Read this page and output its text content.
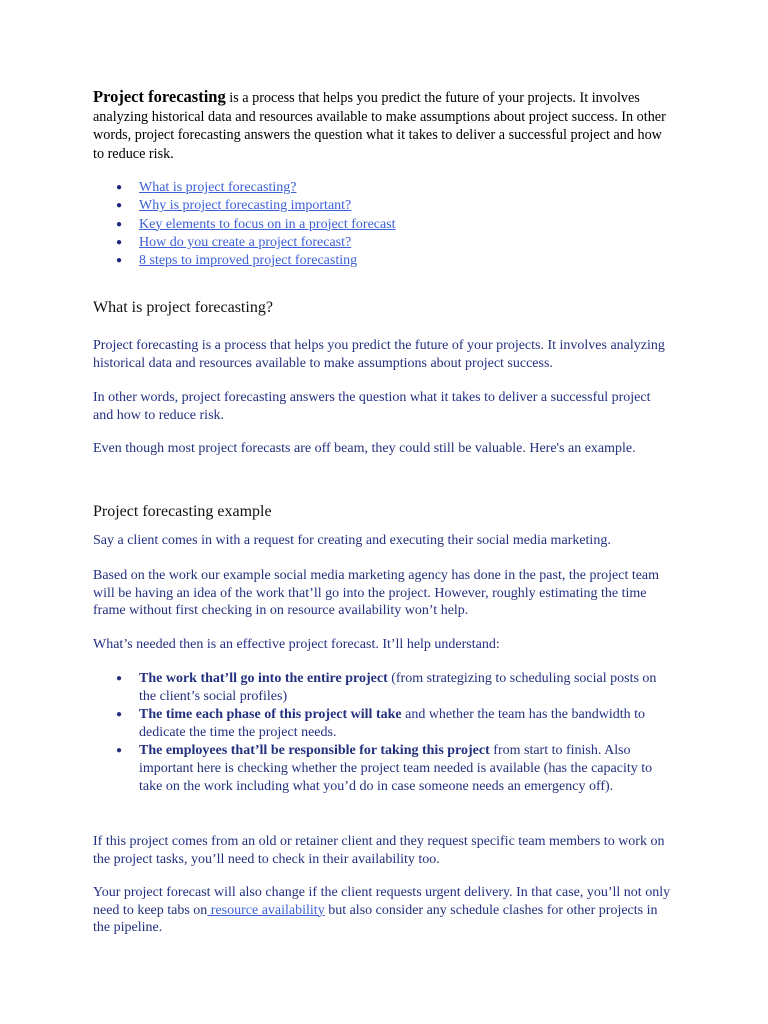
Project forecasting is a process that helps you predict the future of your projects. It involves analyzing historical data and resources available to make assumptions about project success. In other words, project forecasting answers the question what it takes to deliver a successful project and how to reduce risk.

● What is project forecasting?
● Why is project forecasting important?
● Key elements to focus on in a project forecast
● How do you create a project forecast?
● 8 steps to improved project forecasting
What is project forecasting?

Project forecasting is a process that helps you predict the future of your projects. It involves analyzing historical data and resources available to make assumptions about project success.

In other words, project forecasting answers the question what it takes to deliver a successful project and how to reduce risk.

Even though most project forecasts are off beam, they could still be valuable. Here's an example.

Project forecasting example

Say a client comes in with a request for creating and executing their social media marketing.

Based on the work our example social media marketing agency has done in the past, the project team will be having an idea of the work that’ll go into the project. However, roughly estimating the time frame without first checking in on resource availability won’t help.

What’s needed then is an effective project forecast. It’ll help understand:

● The work that’ll go into the entire project (from strategizing to scheduling social posts on the client’s social profiles)
● The time each phase of this project will take and whether the team has the bandwidth to dedicate the time the project needs.
● The employees that’ll be responsible for taking this project from start to finish. Also important here is checking whether the project team needed is available (has the capacity to take on the work including what you’d do in case someone needs an emergency off).

If this project comes from an old or retainer client and they request specific team members to work on the project tasks, you’ll need to check in their availability too.

Your project forecast will also change if the client requests urgent delivery. In that case, you’ll not only need to keep tabs on resource availability but also consider any schedule clashes for other projects in the pipeline.
